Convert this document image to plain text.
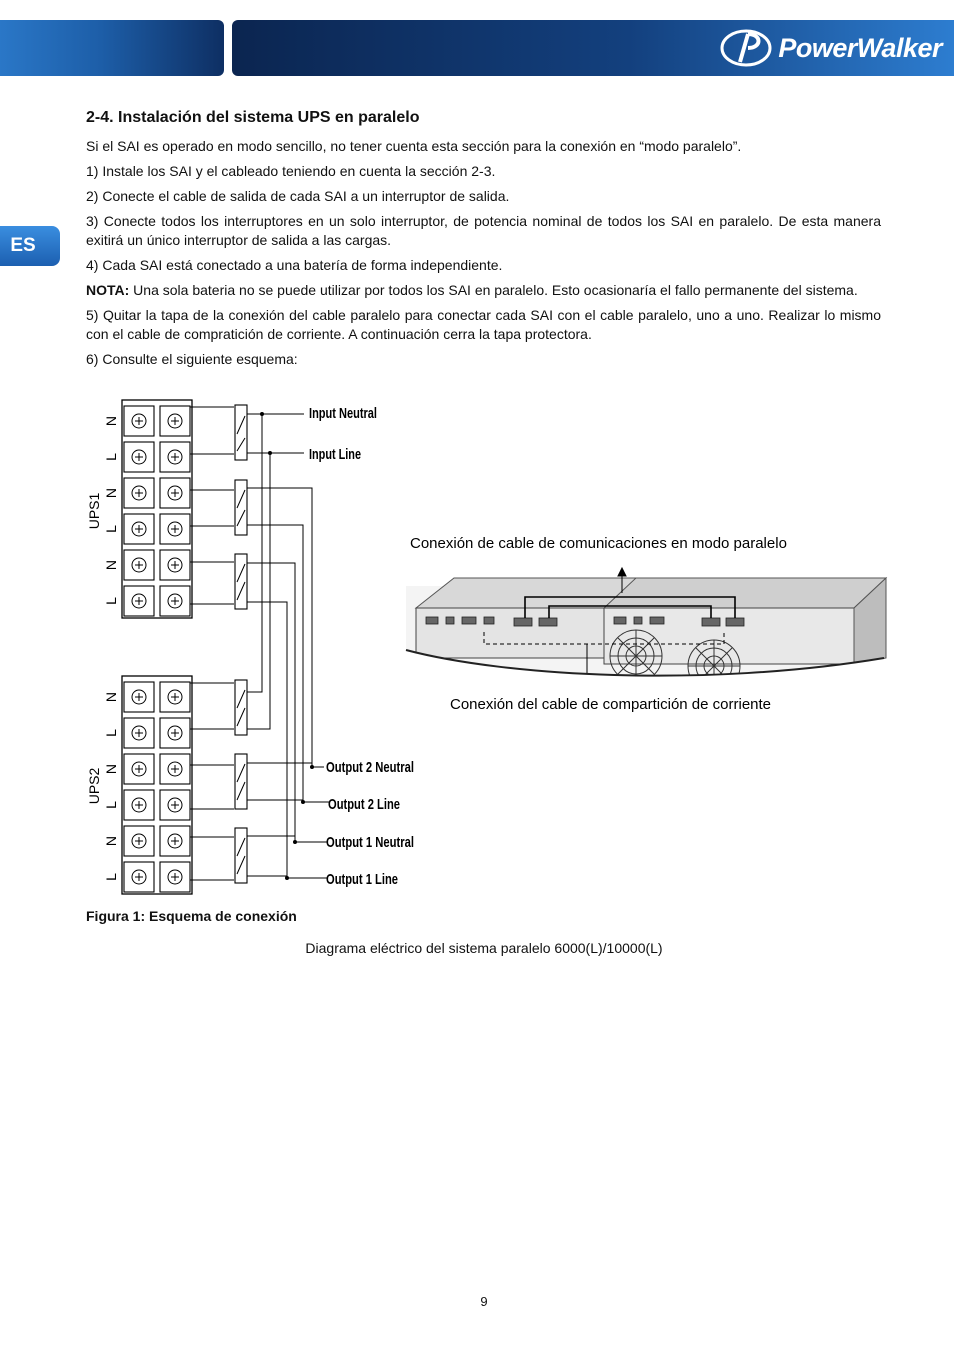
PowerWalker
ES
2-4. Instalación del sistema UPS en paralelo

Si el SAI es operado en modo sencillo, no tener cuenta esta sección para la conexión en “modo paralelo”.

1) Instale los SAI y el cableado teniendo en cuenta la sección 2-3.

2) Conecte el cable de salida de cada SAI a un interruptor de salida.

3) Conecte todos los interruptores en un solo interruptor, de potencia nominal de todos los SAI en paralelo. De esta manera exitirá un único interruptor de salida a las cargas.

4) Cada SAI está conectado a una batería de forma independiente.

NOTA: Una sola bateria no se puede utilizar por todos los SAI en paralelo. Esto ocasionaría el fallo permanente del sistema.

5) Quitar la tapa de la conexión del cable paralelo para conectar cada SAI con el cable paralelo, uno a uno. Realizar lo mismo con el cable de compratición de corriente. A continuación cerra la tapa protectora.

6) Consulte el siguiente esquema:

N
L
N
L
N
L
N
L
N
L
N
L
UPS1
UPS2
Input Neutral
Input Line
Output 2 Neutral
Output 2 Line
Output 1 Neutral
Output 1 Line
Conexión de cable de comunicaciones en modo paralelo
Conexión del cable de compartición de corriente
Figura 1: Esquema de conexión
Diagrama eléctrico del sistema paralelo 6000(L)/10000(L)
9
